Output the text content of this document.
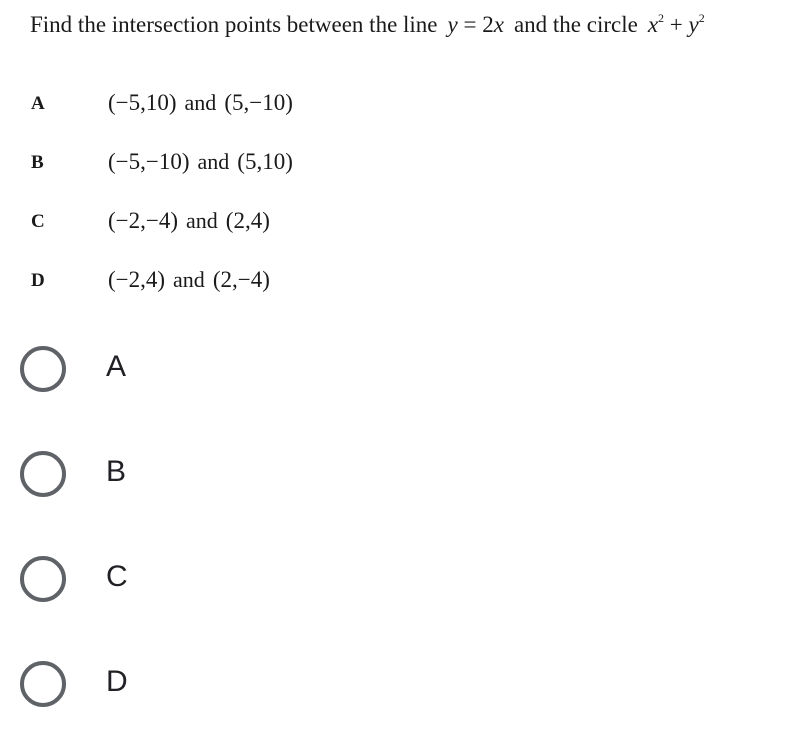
Find the intersection points between the line y = 2x and the circle $x^2 + y^2$
A	(−5,10) and (5,−10)
B	(−5,−10) and (5,10)
C	(−2,−4) and (2,4)
D	(−2,4) and (2,−4)
A
B
C
D
